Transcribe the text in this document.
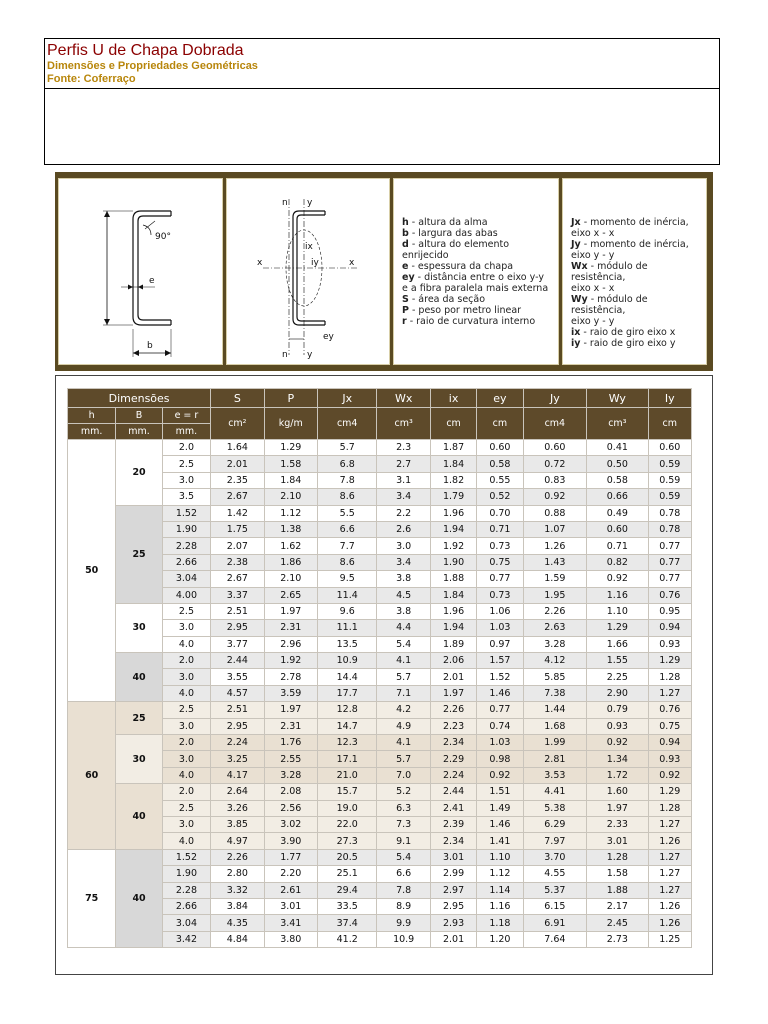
Perfis U de Chapa Dobrada
Dimensões e Propriedades Geométricas
Fonte: Coferraço
b
e
90°
n
n
y
y
x	x
ix
iy
ey
h - altura da alma
b - largura das abas
d - altura do elemento
enrijecido
e - espessura da chapa
ey - distância entre o eixo y-y
e a fibra paralela mais externa
S - área da seção
P - peso por metro linear
r - raio de curvatura interno
Jx - momento de inércia,
eixo x - x
Jy - momento de inércia,
eixo y - y
Wx - módulo de
resistência,
eixo x - x
Wy - módulo de
resistência,
eixo y - y
ix - raio de giro eixo x
iy - raio de giro eixo y
Dimensões			S	P	Jx	Wx	ix	ey	Jy	Wy	Iy
h	B	e = r	cm²	kg/m	cm4	cm³	cm	cm	cm4	cm³	cm
mm.	mm.	mm.									
50	20	2.0	1.64	1.29	5.7	2.3	1.87	0.60	0.60	0.41	0.60
		2.5	2.01	1.58	6.8	2.7	1.84	0.58	0.72	0.50	0.59
		3.0	2.35	1.84	7.8	3.1	1.82	0.55	0.83	0.58	0.59
		3.5	2.67	2.10	8.6	3.4	1.79	0.52	0.92	0.66	0.59
	25	1.52	1.42	1.12	5.5	2.2	1.96	0.70	0.88	0.49	0.78
		1.90	1.75	1.38	6.6	2.6	1.94	0.71	1.07	0.60	0.78
		2.28	2.07	1.62	7.7	3.0	1.92	0.73	1.26	0.71	0.77
		2.66	2.38	1.86	8.6	3.4	1.90	0.75	1.43	0.82	0.77
		3.04	2.67	2.10	9.5	3.8	1.88	0.77	1.59	0.92	0.77
		4.00	3.37	2.65	11.4	4.5	1.84	0.73	1.95	1.16	0.76
	30	2.5	2.51	1.97	9.6	3.8	1.96	1.06	2.26	1.10	0.95
		3.0	2.95	2.31	11.1	4.4	1.94	1.03	2.63	1.29	0.94
		4.0	3.77	2.96	13.5	5.4	1.89	0.97	3.28	1.66	0.93
	40	2.0	2.44	1.92	10.9	4.1	2.06	1.57	4.12	1.55	1.29
		3.0	3.55	2.78	14.4	5.7	2.01	1.52	5.85	2.25	1.28
		4.0	4.57	3.59	17.7	7.1	1.97	1.46	7.38	2.90	1.27
60	25	2.5	2.51	1.97	12.8	4.2	2.26	0.77	1.44	0.79	0.76
		3.0	2.95	2.31	14.7	4.9	2.23	0.74	1.68	0.93	0.75
	30	2.0	2.24	1.76	12.3	4.1	2.34	1.03	1.99	0.92	0.94
		3.0	3.25	2.55	17.1	5.7	2.29	0.98	2.81	1.34	0.93
		4.0	4.17	3.28	21.0	7.0	2.24	0.92	3.53	1.72	0.92
	40	2.0	2.64	2.08	15.7	5.2	2.44	1.51	4.41	1.60	1.29
		2.5	3.26	2.56	19.0	6.3	2.41	1.49	5.38	1.97	1.28
		3.0	3.85	3.02	22.0	7.3	2.39	1.46	6.29	2.33	1.27
		4.0	4.97	3.90	27.3	9.1	2.34	1.41	7.97	3.01	1.26
75	40	1.52	2.26	1.77	20.5	5.4	3.01	1.10	3.70	1.28	1.27
		1.90	2.80	2.20	25.1	6.6	2.99	1.12	4.55	1.58	1.27
		2.28	3.32	2.61	29.4	7.8	2.97	1.14	5.37	1.88	1.27
		2.66	3.84	3.01	33.5	8.9	2.95	1.16	6.15	2.17	1.26
		3.04	4.35	3.41	37.4	9.9	2.93	1.18	6.91	2.45	1.26
		3.42	4.84	3.80	41.2	10.9	2.01	1.20	7.64	2.73	1.25
